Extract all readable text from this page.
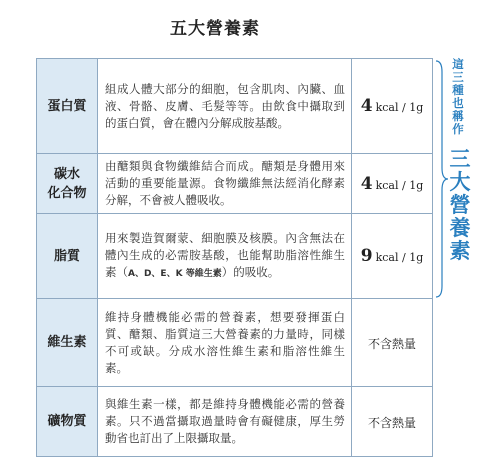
五大營養素
蛋白質	組成人體大部分的細胞，包含肌肉、內臟、血液、骨骼、皮膚、毛髮等等。由飲食中攝取到的蛋白質，會在體內分解成胺基酸。	4 kcal / 1g
碳水
化合物	由醣類與食物纖維結合而成。醣類是身體用來活動的重要能量源。食物纖維無法經消化酵素分解，不會被人體吸收。	4 kcal / 1g
脂質	用來製造賀爾蒙、細胞膜及核膜。內含無法在體內生成的必需胺基酸，也能幫助脂溶性維生素（A、D、E、K 等維生素）的吸收。	9 kcal / 1g
維生素	維持身體機能必需的營養素，想要發揮蛋白質、醣類、脂質這三大營養素的力量時，同樣不可或缺。分成水溶性維生素和脂溶性維生素。	不含熱量
礦物質	與維生素一樣，都是維持身體機能必需的營養素。只不過當攝取過量時會有礙健康，厚生勞動省也訂出了上限攝取量。	不含熱量
這
三
種
也
稱
作
三
大
營
養
素
